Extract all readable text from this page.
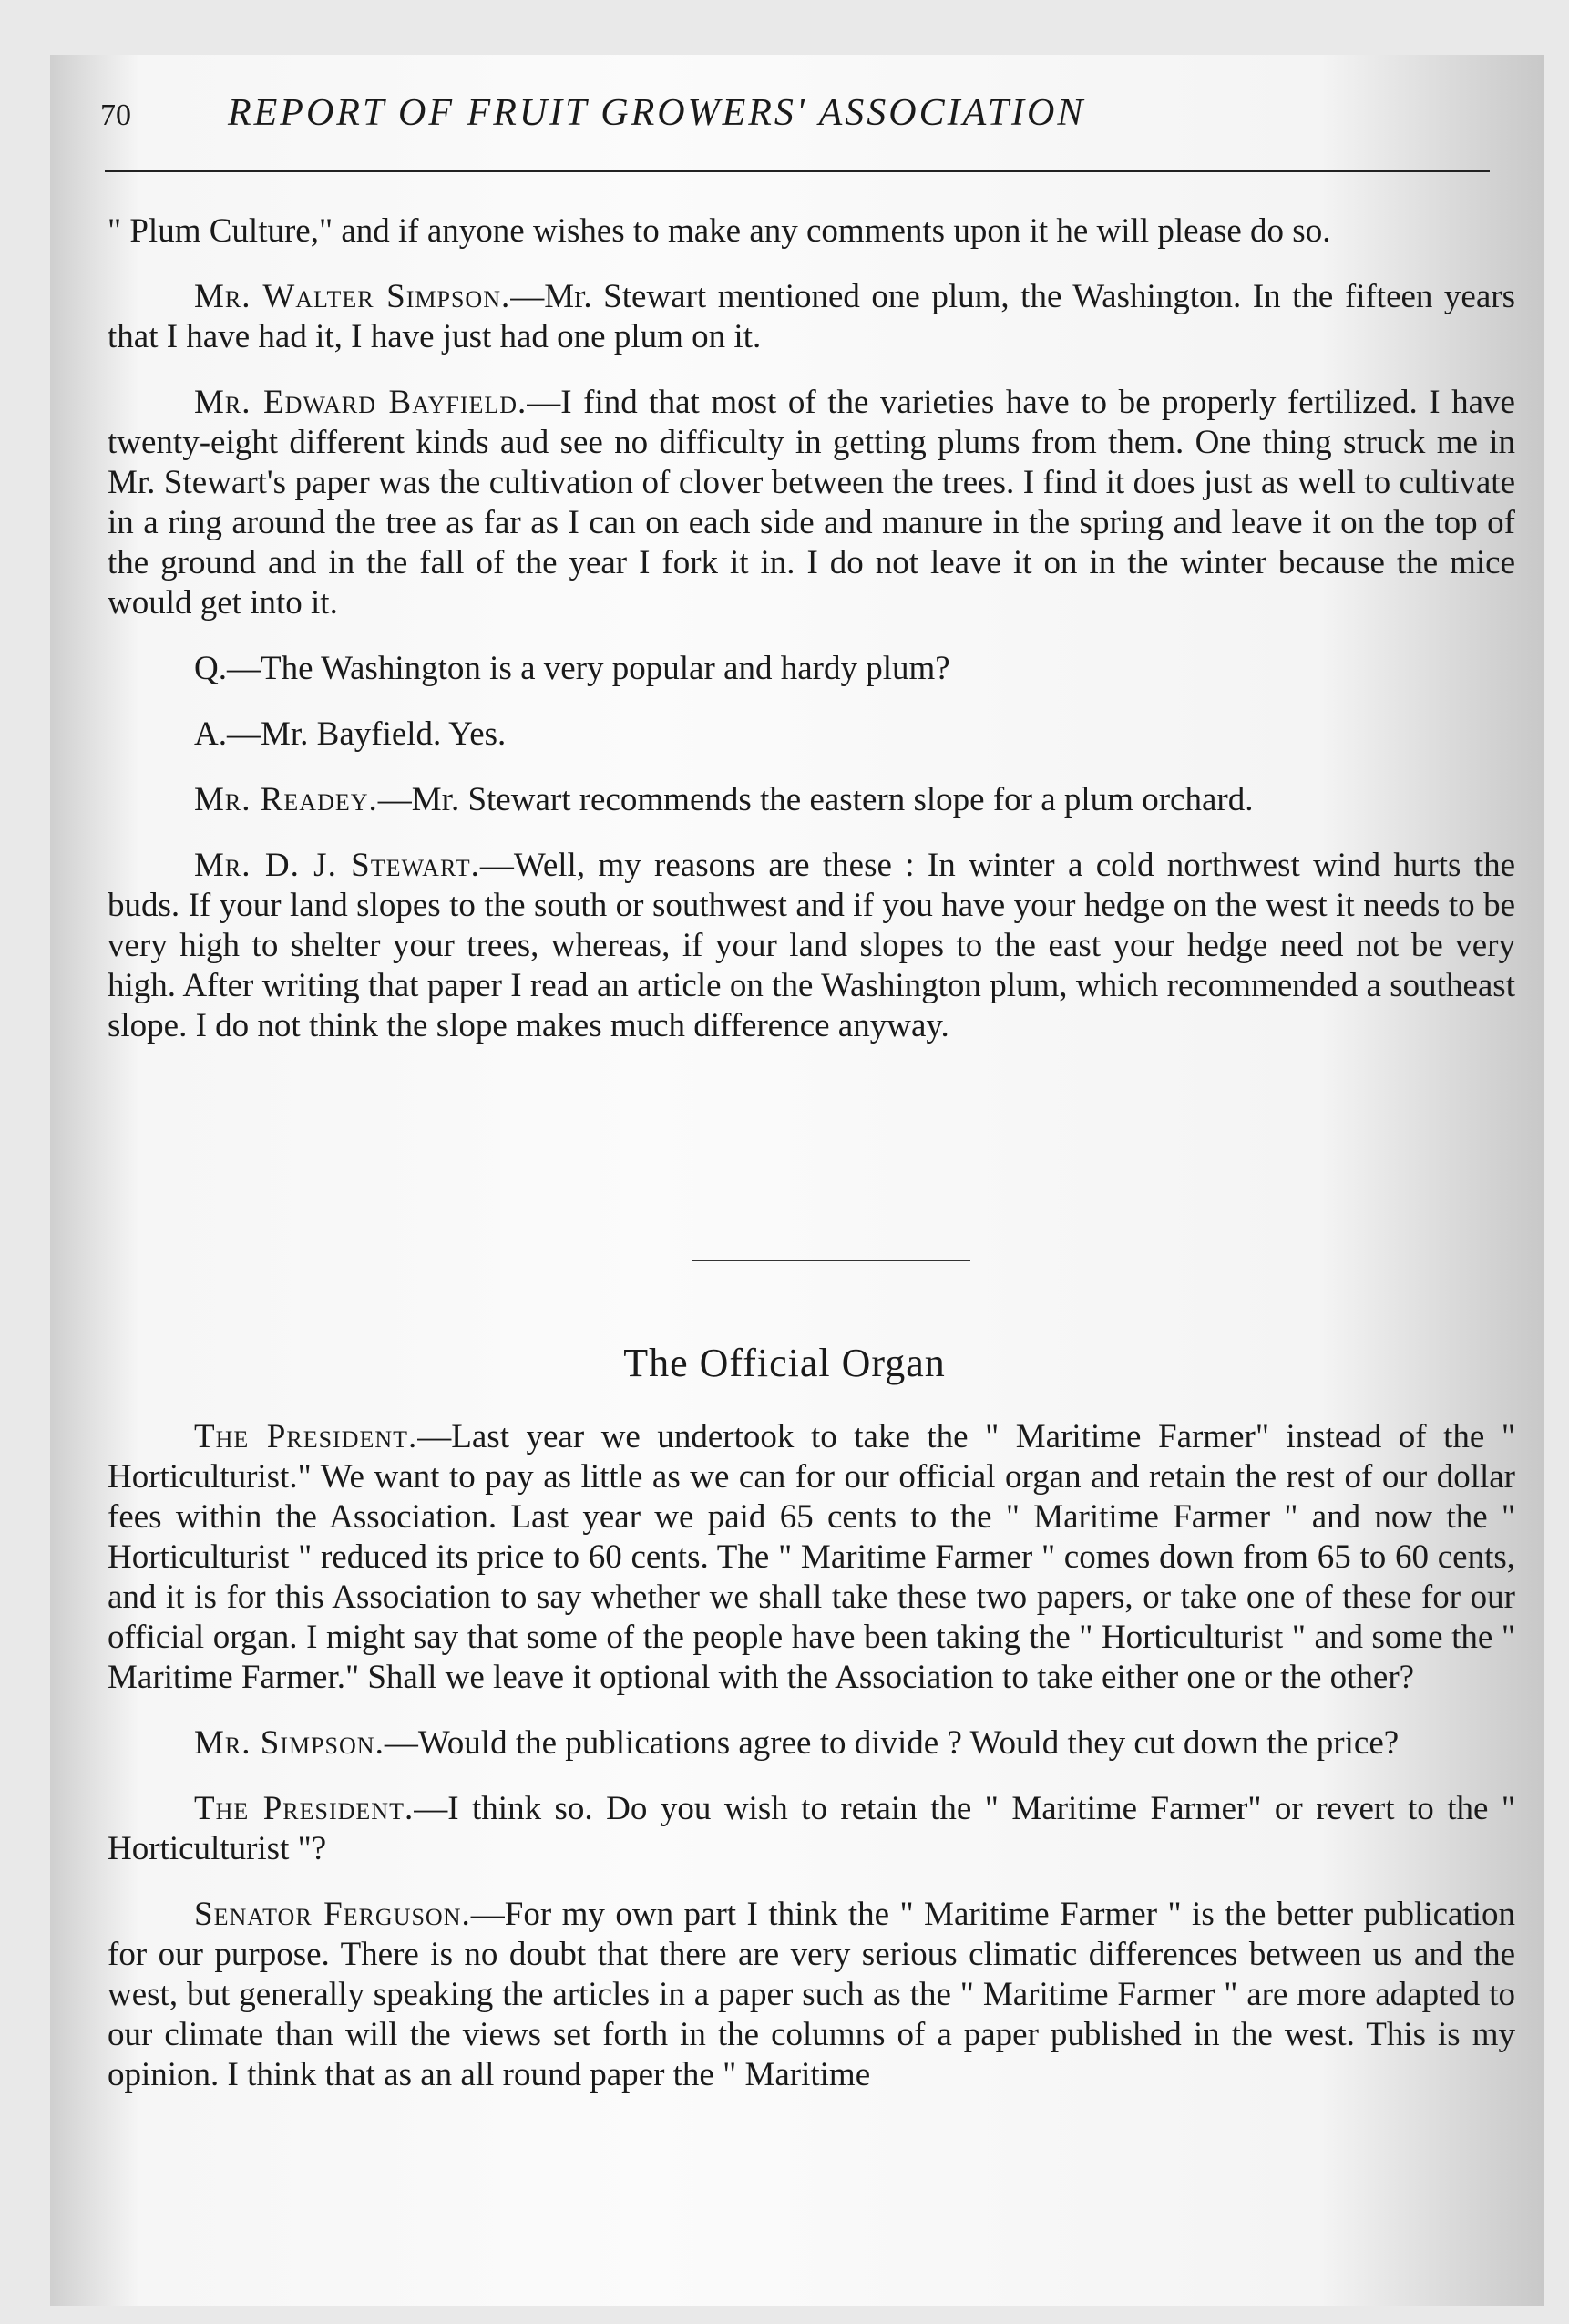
70	REPORT OF FRUIT GROWERS' ASSOCIATION

" Plum Culture," and if anyone wishes to make any comments upon it he will please do so.

Mr. Walter Simpson.—Mr. Stewart mentioned one plum, the Washington. In the fifteen years that I have had it, I have just had one plum on it.

Mr. Edward Bayfield.—I find that most of the varieties have to be properly fertilized. I have twenty-eight different kinds aud see no difficulty in getting plums from them. One thing struck me in Mr. Stewart's paper was the cultivation of clover between the trees. I find it does just as well to cultivate in a ring around the tree as far as I can on each side and manure in the spring and leave it on the top of the ground and in the fall of the year I fork it in. I do not leave it on in the winter because the mice would get into it.

Q.—The Washington is a very popular and hardy plum?

A.—Mr. Bayfield. Yes.

Mr. Readey.—Mr. Stewart recommends the eastern slope for a plum orchard.

Mr. D. J. Stewart.—Well, my reasons are these : In winter a cold northwest wind hurts the buds. If your land slopes to the south or southwest and if you have your hedge on the west it needs to be very high to shelter your trees, whereas, if your land slopes to the east your hedge need not be very high. After writing that paper I read an article on the Washington plum, which recommended a southeast slope. I do not think the slope makes much difference anyway.

The Official Organ

The President.—Last year we undertook to take the " Maritime Farmer" instead of the " Horticulturist." We want to pay as little as we can for our official organ and retain the rest of our dollar fees within the Association. Last year we paid 65 cents to the " Maritime Farmer " and now the " Horticulturist " reduced its price to 60 cents. The " Maritime Farmer " comes down from 65 to 60 cents, and it is for this Association to say whether we shall take these two papers, or take one of these for our official organ. I might say that some of the people have been taking the " Horticulturist " and some the " Maritime Farmer." Shall we leave it optional with the Association to take either one or the other?

Mr. Simpson.—Would the publications agree to divide ? Would they cut down the price?

The President.—I think so. Do you wish to retain the " Maritime Farmer" or revert to the " Horticulturist "?

Senator Ferguson.—For my own part I think the " Maritime Farmer " is the better publication for our purpose. There is no doubt that there are very serious climatic differences between us and the west, but generally speaking the articles in a paper such as the " Maritime Farmer " are more adapted to our climate than will the views set forth in the columns of a paper published in the west. This is my opinion. I think that as an all round paper the " Maritime
